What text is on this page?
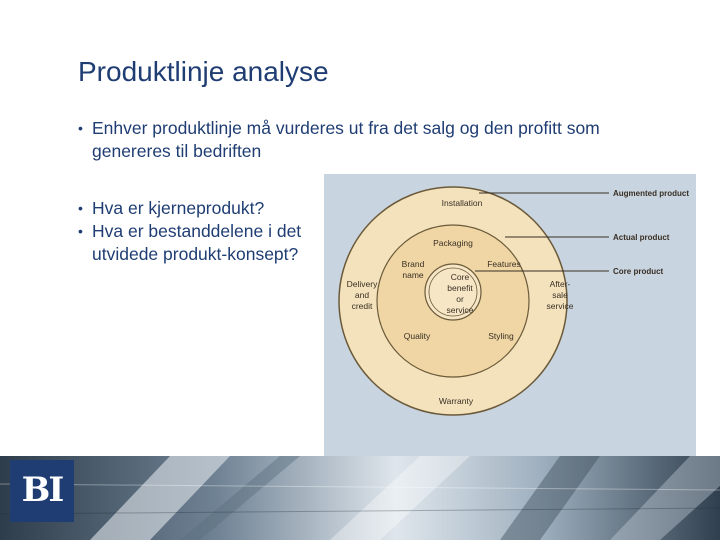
Produktlinje analyse
• Enhver produktlinje må vurderes ut fra det salg og den profitt som genereres til bedriften
• Hva er kjerneprodukt?
• Hva er bestanddelene i det utvidede produkt-konsept?
Augmented product
Actual product
Core product
Installation
Delivery
and
credit
After-
sale
service
Warranty
Packaging
Brand
name
Features
Quality	Styling
Core
benefit
or
service
BI
